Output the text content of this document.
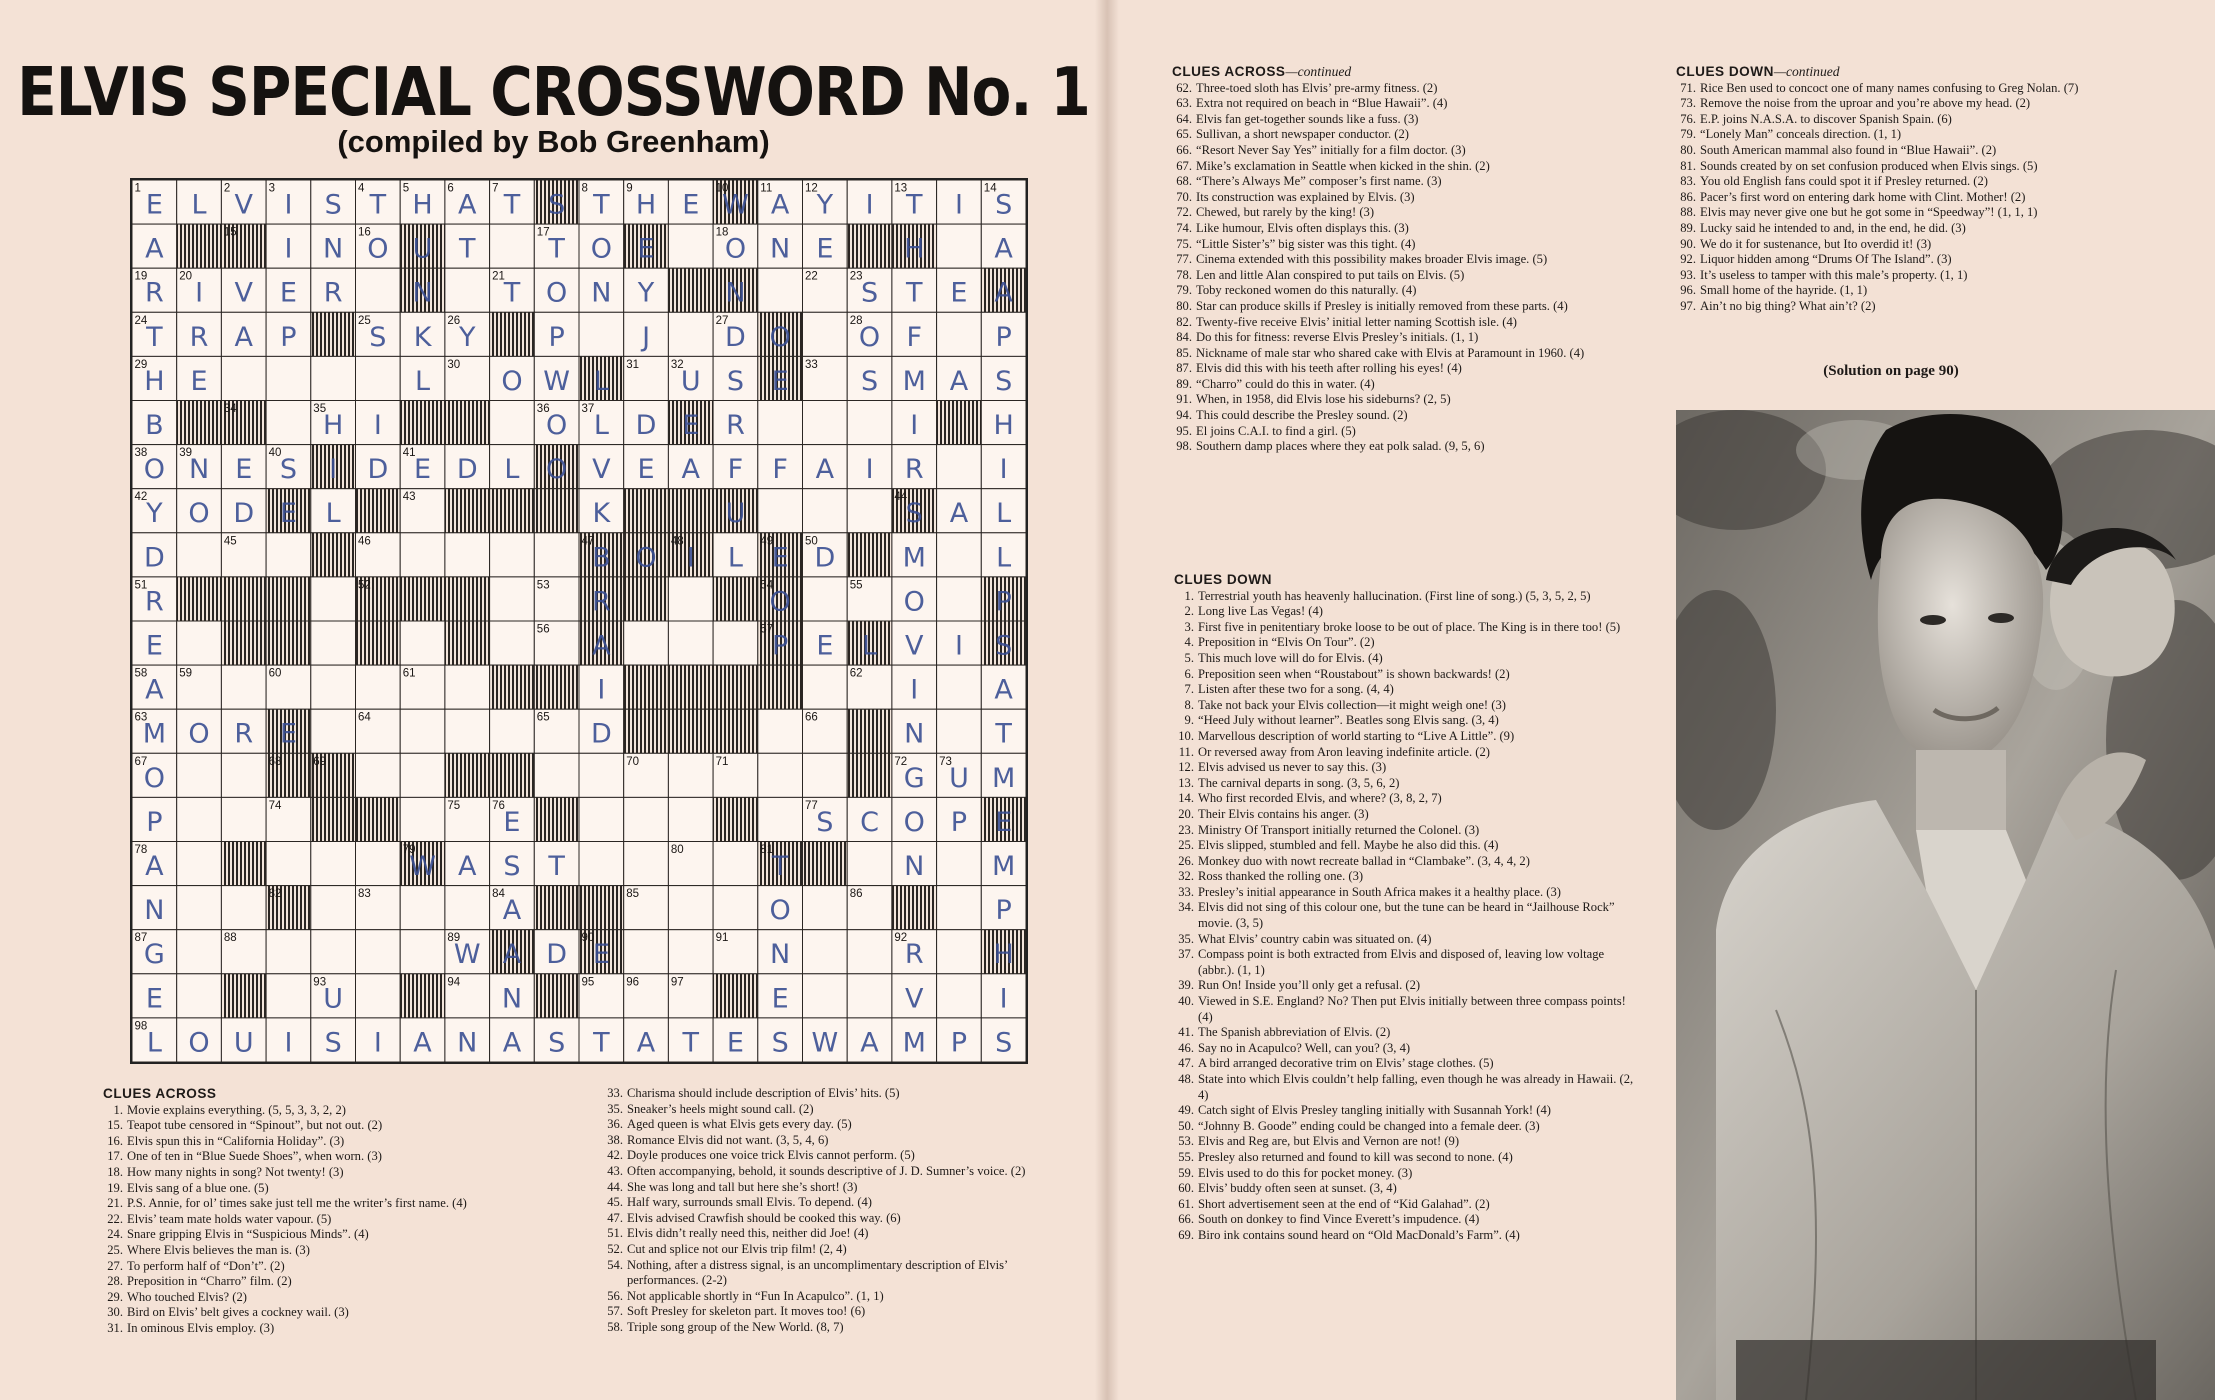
ELVIS SPECIAL CROSSWORD No. 1
(compiled by Bob Greenham)
1	2	3	4	5	6	7	8	9	10	11	12	13	14
15	16	17	18
19	20	21	22	23
24	25	26	27	28
29	30	31	32	33
34	35	36	37
38	39	40	41
42	43	44
45	46	47	48	49	50
51	52	53	54	55
56	57
58	59	60	61	62
63	64	65	66
67	68	69	70	71	72	73
74	75	76	77
78	79	80	81
82	83	84	85	86
87	88	89	90	91	92
93	94	95	96	97
98
E L V I S T H A T S T H E W A Y I T I S
A	I N O U T	T O E	O N E	H	A
R I V E R	N	T O N Y	N	S T E A
T R A P	S K Y	P	J	D O	O F	P
H E	L	O W L	U S E	S M A S
B	H I	O L D E R	I	H
O N E S I D E D L O V E A F F A I R	I
Y O D E L	K	U	S A L
D	B O I L E D M	L
R	R	O	O	P
E	A	P E L V I S
A	I	I	A
M O R E	D	N	T
O	G U M
P	E	S C O P E
A	W A S T	T	N	M
N	A	O	P
G	W A D E	N	R	H
E	U	N	E	V	I
L O U I S I A N A S T A T E S W A M P S
CLUES ACROSS
1. Movie explains everything. (5, 5, 3, 3, 2, 2)
15. Teapot tube censored in “Spinout”, but not out. (2)
16. Elvis spun this in “California Holiday”. (3)
17. One of ten in “Blue Suede Shoes”, when worn. (3)
18. How many nights in song? Not twenty! (3)
19. Elvis sang of a blue one. (5)
21. P.S. Annie, for ol’ times sake just tell me the writer’s first name. (4)
22. Elvis’ team mate holds water vapour. (5)
24. Snare gripping Elvis in “Suspicious Minds”. (4)
25. Where Elvis believes the man is. (3)
27. To perform half of “Don’t”. (2)
28. Preposition in “Charro” film. (2)
29. Who touched Elvis? (2)
30. Bird on Elvis’ belt gives a cockney wail. (3)
31. In ominous Elvis employ. (3)
33. Charisma should include description of Elvis’ hits. (5)
35. Sneaker’s heels might sound call. (2)
36. Aged queen is what Elvis gets every day. (5)
38. Romance Elvis did not want. (3, 5, 4, 6)
42. Doyle produces one voice trick Elvis cannot perform. (5)
43. Often accompanying, behold, it sounds descriptive of J. D. Sumner’s voice. (2)
44. She was long and tall but here she’s short! (3)
45. Half wary, surrounds small Elvis. To depend. (4)
47. Elvis advised Crawfish should be cooked this way. (6)
51. Elvis didn’t really need this, neither did Joe! (4)
52. Cut and splice not our Elvis trip film! (2, 4)
54. Nothing, after a distress signal, is an uncomplimentary description of Elvis’ performances. (2-2)
56. Not applicable shortly in “Fun In Acapulco”. (1, 1)
57. Soft Presley for skeleton part. It moves too! (6)
58. Triple song group of the New World. (8, 7)
CLUES ACROSS—continued
62. Three-toed sloth has Elvis’ pre-army fitness. (2)
63. Extra not required on beach in “Blue Hawaii”. (4)
64. Elvis fan get-together sounds like a fuss. (3)
65. Sullivan, a short newspaper conductor. (2)
66. “Resort Never Say Yes” initially for a film doctor. (3)
67. Mike’s exclamation in Seattle when kicked in the shin. (2)
68. “There’s Always Me” composer’s first name. (3)
70. Its construction was explained by Elvis. (3)
72. Chewed, but rarely by the king! (3)
74. Like humour, Elvis often displays this. (3)
75. “Little Sister’s” big sister was this tight. (4)
77. Cinema extended with this possibility makes broader Elvis image. (5)
78. Len and little Alan conspired to put tails on Elvis. (5)
79. Toby reckoned women do this naturally. (4)
80. Star can produce skills if Presley is initially removed from these parts. (4)
82. Twenty-five receive Elvis’ initial letter naming Scottish isle. (4)
84. Do this for fitness: reverse Elvis Presley’s initials. (1, 1)
85. Nickname of male star who shared cake with Elvis at Paramount in 1960. (4)
87. Elvis did this with his teeth after rolling his eyes! (4)
89. “Charro” could do this in water. (4)
91. When, in 1958, did Elvis lose his sideburns? (2, 5)
94. This could describe the Presley sound. (2)
95. El joins C.A.I. to find a girl. (5)
98. Southern damp places where they eat polk salad. (9, 5, 6)
CLUES DOWN
1. Terrestrial youth has heavenly hallucination. (First line of song.) (5, 3, 5, 2, 5)
2. Long live Las Vegas! (4)
3. First five in penitentiary broke loose to be out of place. The King is in there too! (5)
4. Preposition in “Elvis On Tour”. (2)
5. This much love will do for Elvis. (4)
6. Preposition seen when “Roustabout” is shown backwards! (2)
7. Listen after these two for a song. (4, 4)
8. Take not back your Elvis collection—it might weigh one! (3)
9. “Heed July without learner”. Beatles song Elvis sang. (3, 4)
10. Marvellous description of world starting to “Live A Little”. (9)
11. Or reversed away from Aron leaving indefinite article. (2)
12. Elvis advised us never to say this. (3)
13. The carnival departs in song. (3, 5, 6, 2)
14. Who first recorded Elvis, and where? (3, 8, 2, 7)
20. Their Elvis contains his anger. (3)
23. Ministry Of Transport initially returned the Colonel. (3)
25. Elvis slipped, stumbled and fell. Maybe he also did this. (4)
26. Monkey duo with nowt recreate ballad in “Clambake”. (3, 4, 4, 2)
32. Ross thanked the rolling one. (3)
33. Presley’s initial appearance in South Africa makes it a healthy place. (3)
34. Elvis did not sing of this colour one, but the tune can be heard in “Jailhouse Rock” movie. (3, 5)
35. What Elvis’ country cabin was situated on. (4)
37. Compass point is both extracted from Elvis and disposed of, leaving low voltage (abbr.). (1, 1)
39. Run On! Inside you’ll only get a refusal. (2)
40. Viewed in S.E. England? No? Then put Elvis initially between three compass points! (4)
41. The Spanish abbreviation of Elvis. (2)
46. Say no in Acapulco? Well, can you? (3, 4)
47. A bird arranged decorative trim on Elvis’ stage clothes. (5)
48. State into which Elvis couldn’t help falling, even though he was already in Hawaii. (2, 4)
49. Catch sight of Elvis Presley tangling initially with Susannah York! (4)
50. “Johnny B. Goode” ending could be changed into a female deer. (3)
53. Elvis and Reg are, but Elvis and Vernon are not! (9)
55. Presley also returned and found to kill was second to none. (4)
59. Elvis used to do this for pocket money. (3)
60. Elvis’ buddy often seen at sunset. (3, 4)
61. Short advertisement seen at the end of “Kid Galahad”. (2)
66. South on donkey to find Vince Everett’s impudence. (4)
69. Biro ink contains sound heard on “Old MacDonald’s Farm”. (4)
CLUES DOWN—continued
71. Rice Ben used to concoct one of many names confusing to Greg Nolan. (7)
73. Remove the noise from the uproar and you’re above my head. (2)
76. E.P. joins N.A.S.A. to discover Spanish Spain. (6)
79. “Lonely Man” conceals direction. (1, 1)
80. South American mammal also found in “Blue Hawaii”. (2)
81. Sounds created by on set confusion produced when Elvis sings. (5)
83. You old English fans could spot it if Presley returned. (2)
86. Pacer’s first word on entering dark home with Clint. Mother! (2)
88. Elvis may never give one but he got some in “Speedway”! (1, 1, 1)
89. Lucky said he intended to and, in the end, he did. (3)
90. We do it for sustenance, but Ito overdid it! (3)
92. Liquor hidden among “Drums Of The Island”. (3)
93. It’s useless to tamper with this male’s property. (1, 1)
96. Small home of the hayride. (1, 1)
97. Ain’t no big thing? What ain’t? (2)
(Solution on page 90)
